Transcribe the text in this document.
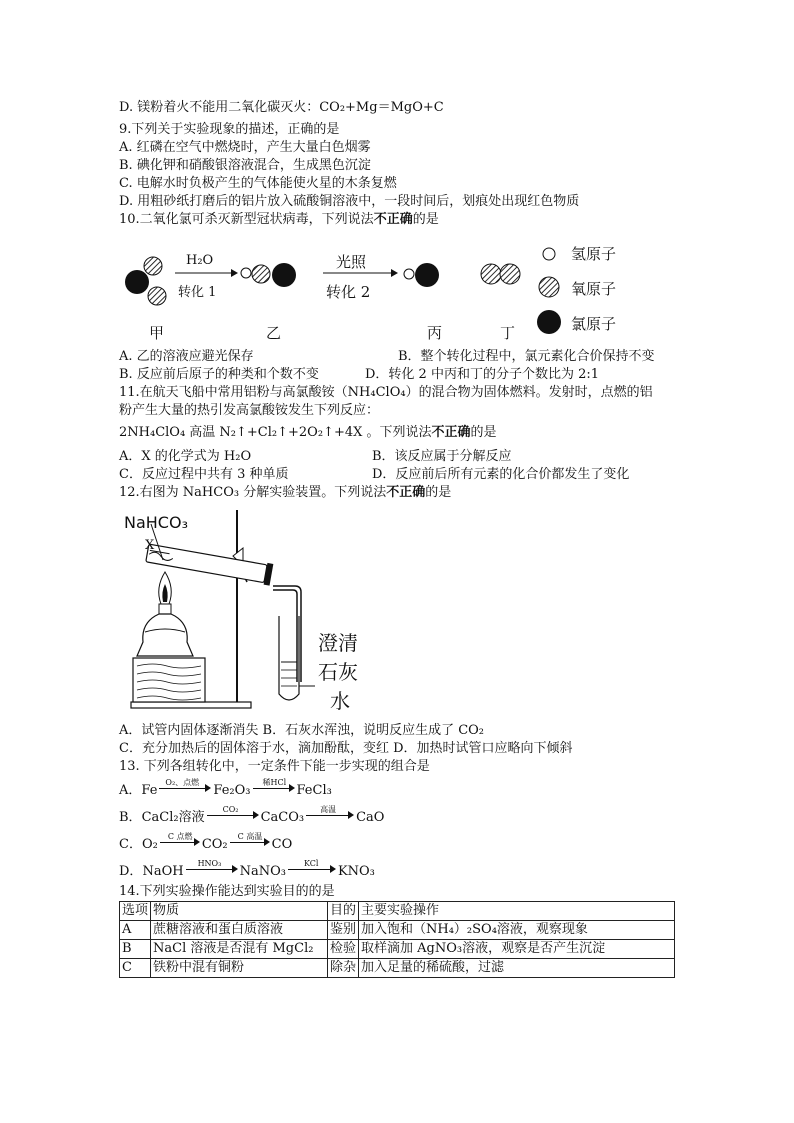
D. 镁粉着火不能用二氧化碳灭火：CO₂+Mg＝MgO+C
9.下列关于实验现象的描述，正确的是
A. 红磷在空气中燃烧时，产生大量白色烟雾
B. 碘化钾和硝酸银溶液混合，生成黑色沉淀
C. 电解水时负极产生的气体能使火星的木条复燃
D. 用粗砂纸打磨后的铝片放入硫酸铜溶液中，一段时间后，划痕处出现红色物质
10.二氧化氯可杀灭新型冠状病毒，下列说法不正确的是
H₂O
转化 1
光照
转化 2
氢原子
氧原子
氯原子
甲	乙	丙	丁
A. 乙的溶液应避光保存	B．整个转化过程中，氯元素化合价保持不变
B. 反应前后原子的种类和个数不变	D．转化 2 中丙和丁的分子个数比为 2:1
11.在航天飞船中常用铝粉与高氯酸铵（NH₄ClO₄）的混合物为固体燃料。发射时，点燃的铝
粉产生大量的热引发高氯酸铵发生下列反应：
2NH₄ClO₄ 高温 N₂↑+Cl₂↑+2O₂↑+4X 。下列说法不正确的是
A．X 的化学式为 H₂O	B．该反应属于分解反应
C．反应过程中共有 3 种单质	D．反应前后所有元素的化合价都发生了变化
12.右图为 NaHCO₃ 分解实验装置。下列说法不正确的是
NaHCO₃
X
澄清
石灰
水
A．试管内固体逐渐消失 B．石灰水浑浊，说明反应生成了 CO₂
C．充分加热后的固体溶于水，滴加酚酞，变红 D．加热时试管口应略向下倾斜
13. 下列各组转化中，一定条件下能一步实现的组合是
A．Fe
O₂、点燃
Fe₂O₃
稀HCl
FeCl₃
B．CaCl₂溶液
CO₂
CaCO₃
高温
CaO
C．O₂
C 点燃
CO₂
C 高温
CO
D．NaOH
HNO₃
NaNO₃
KCl
KNO₃
14.下列实验操作能达到实验目的的是
选项	物质	目的	主要实验操作
A	蔗糖溶液和蛋白质溶液	鉴别	加入饱和（NH₄）₂SO₄溶液，观察现象
B	NaCl 溶液是否混有 MgCl₂	检验	取样滴加 AgNO₃溶液，观察是否产生沉淀
C	铁粉中混有铜粉	除杂	加入足量的稀硫酸，过滤
